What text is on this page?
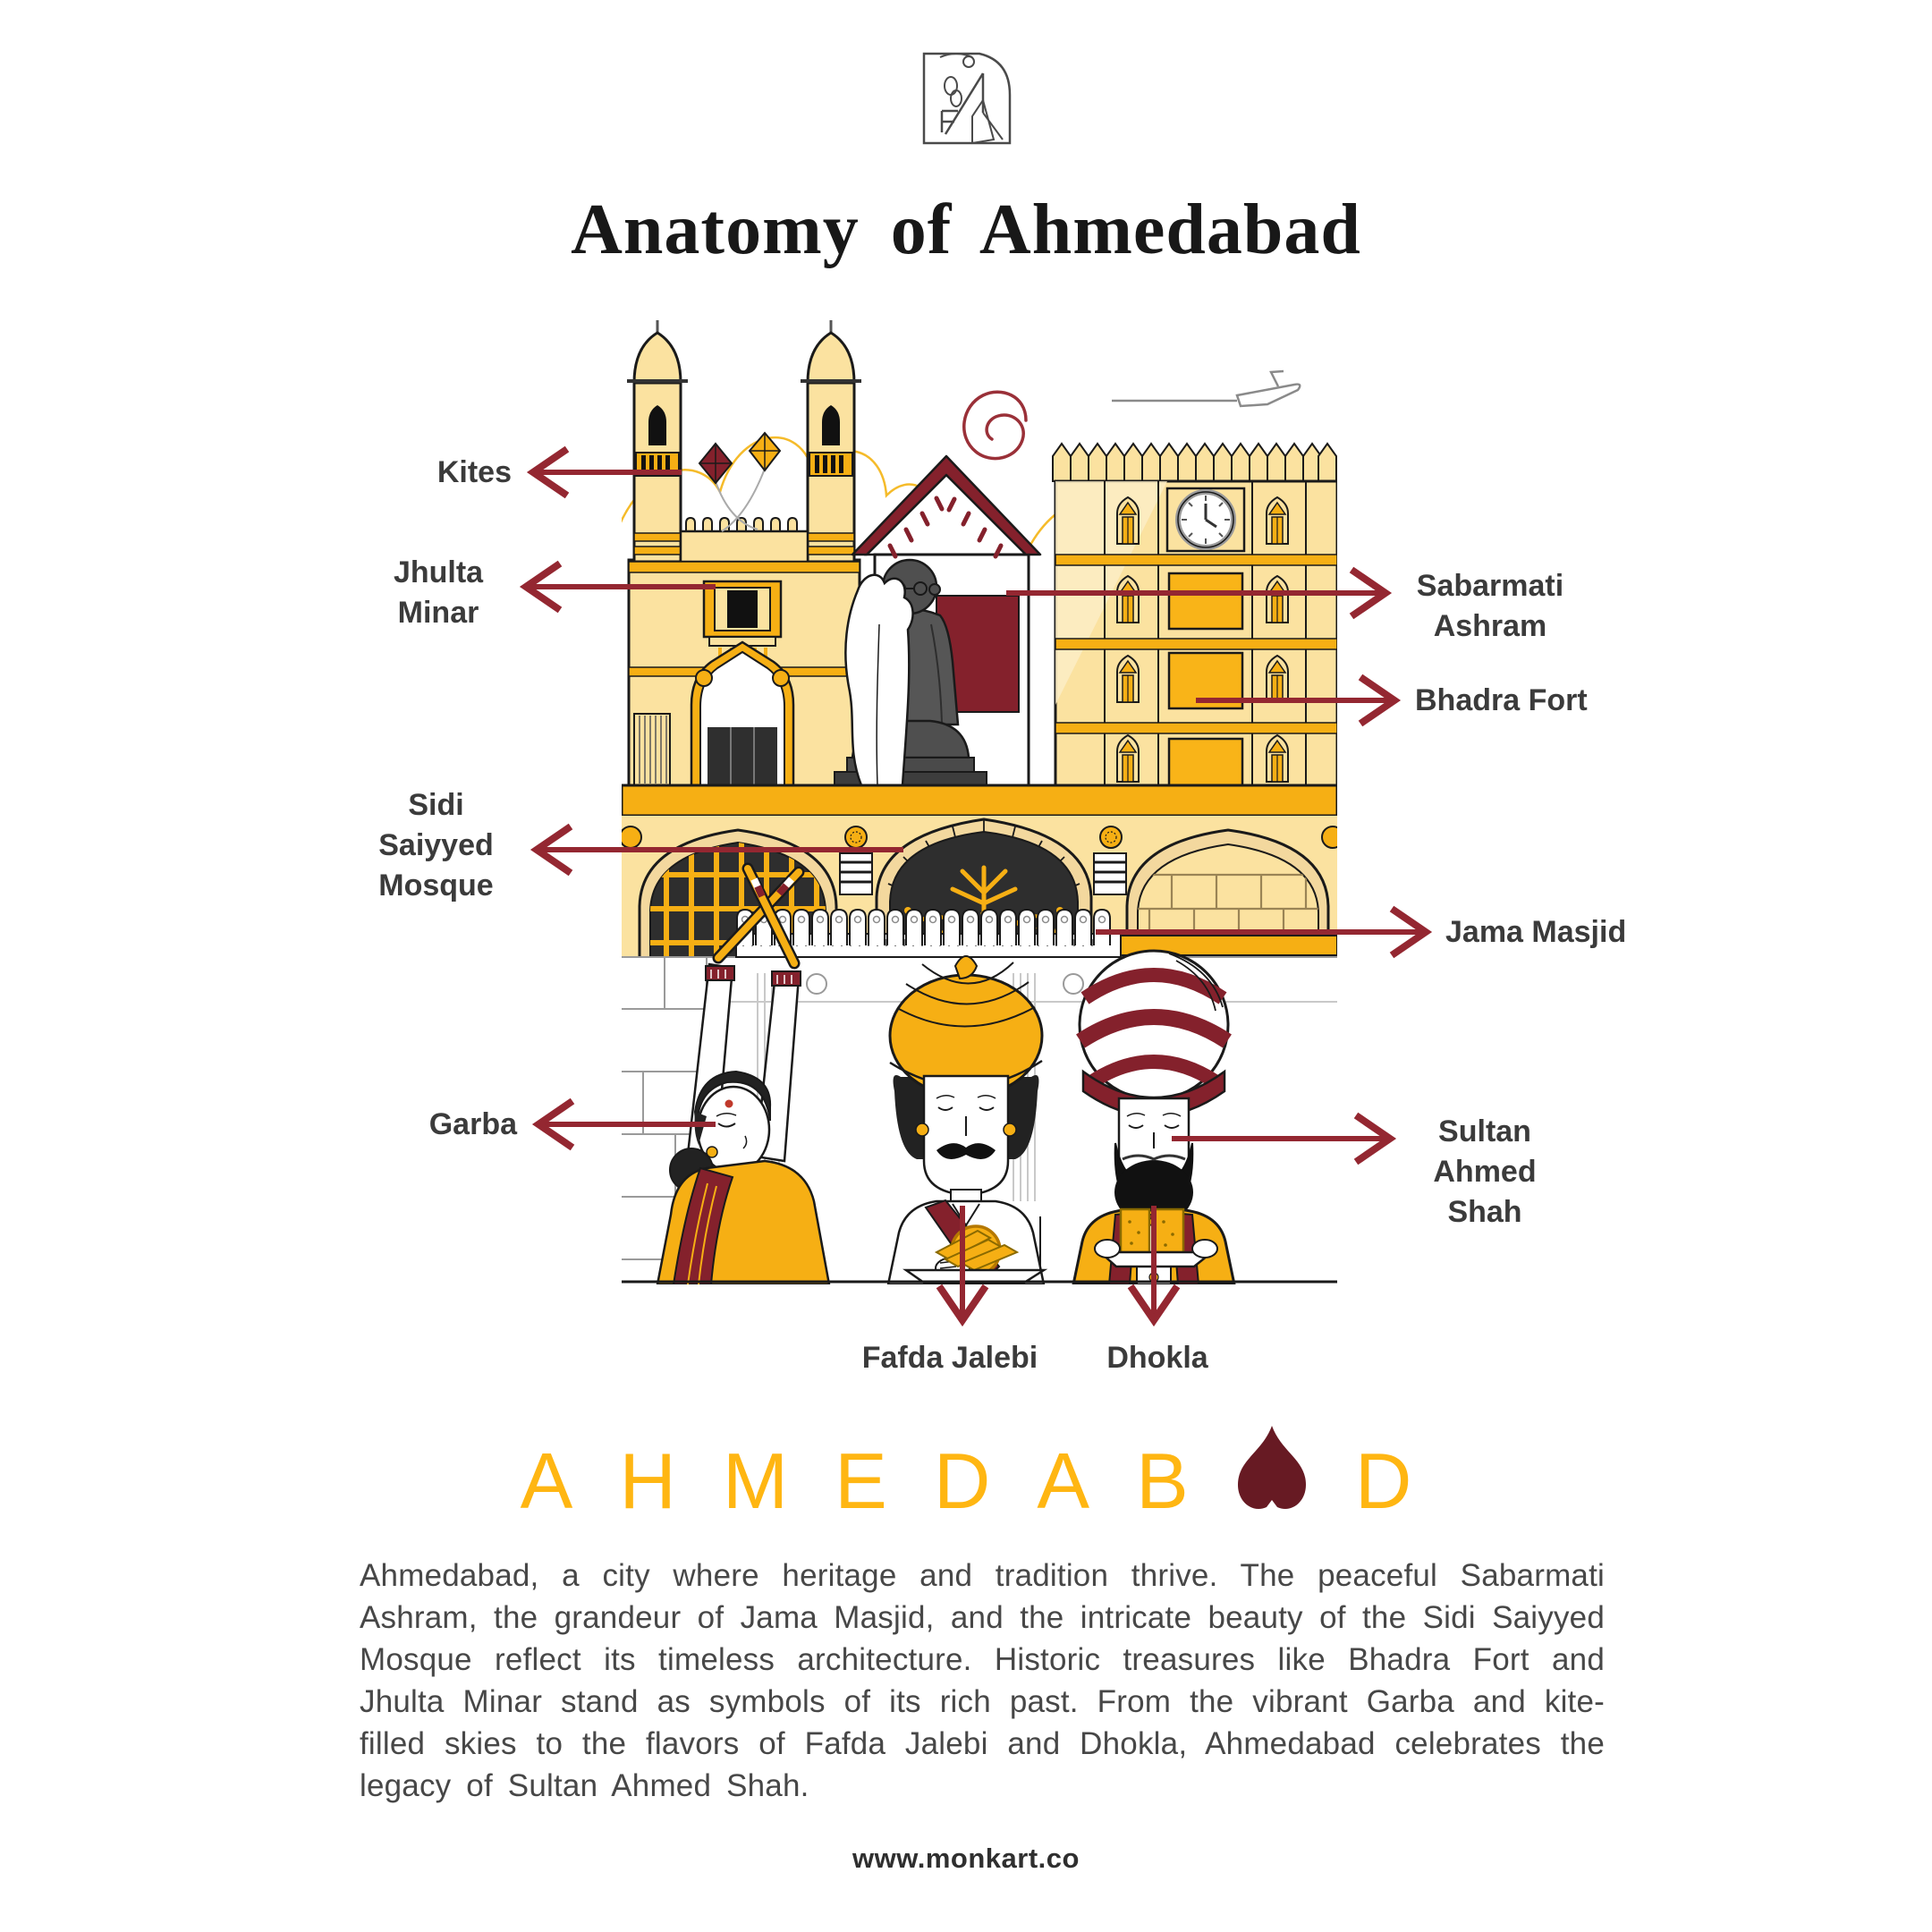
Anatomy of Ahmedabad
Kites
Jhulta Minar
Sidi Saiyyed Mosque
Garba
Sabarmati Ashram
Bhadra Fort
Jama Masjid
Sultan Ahmed Shah
Fafda Jalebi	Dhokla
AHMEDAB D
Ahmedabad, a city where heritage and tradition thrive. The peaceful Sabarmati Ashram, the grandeur of Jama Masjid, and the intricate beauty of the Sidi Saiyyed Mosque reflect its timeless architecture. Historic treasures like Bhadra Fort and Jhulta Minar stand as symbols of its rich past. From the vibrant Garba and kite-filled skies to the flavors of Fafda Jalebi and Dhokla, Ahmedabad celebrates the legacy of Sultan Ahmed Shah.
www.monkart.co
